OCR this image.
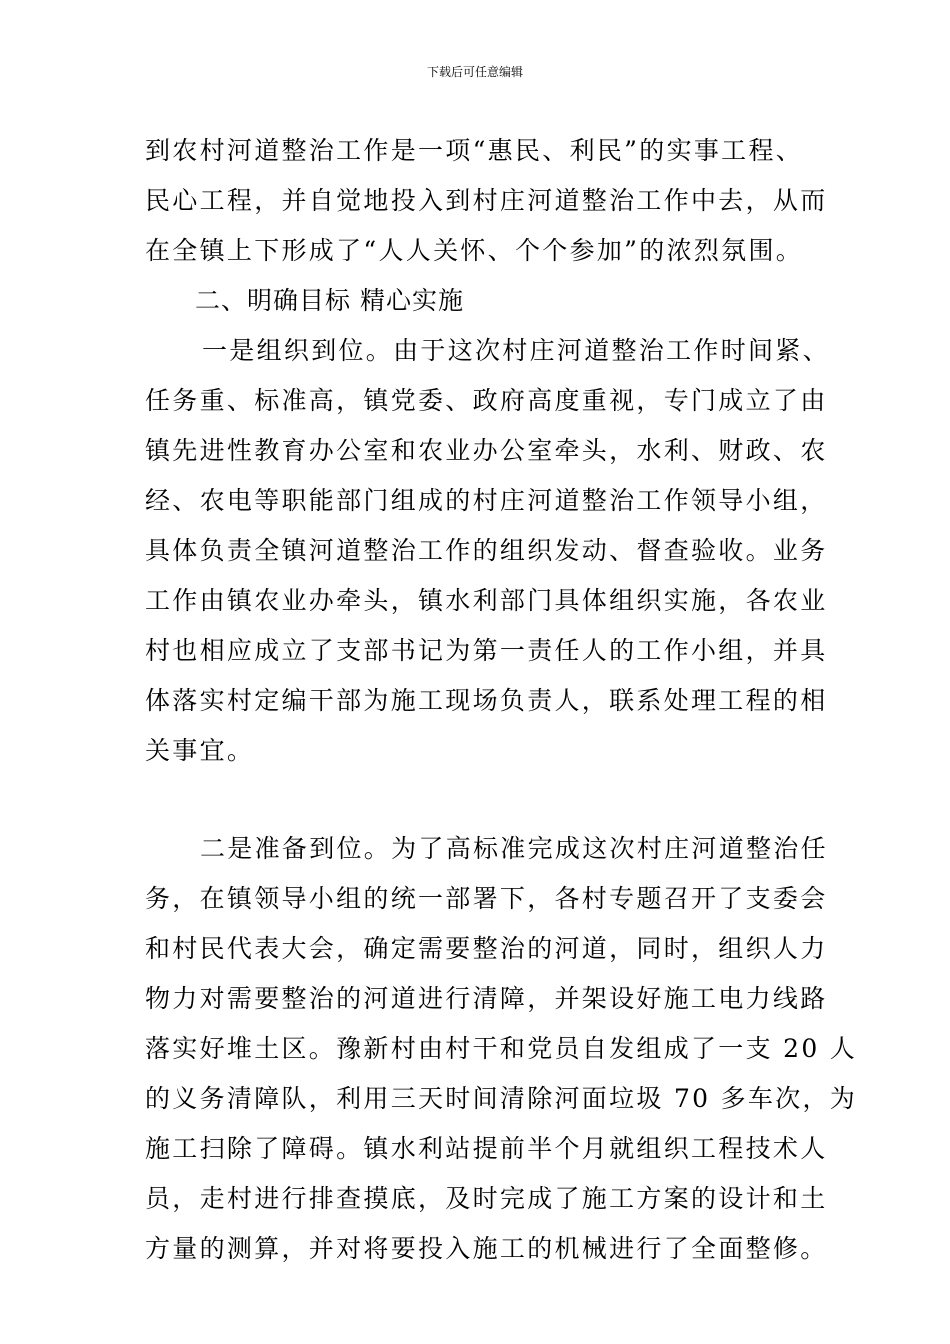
下载后可任意编辑
到农村河道整治工作是一项“惠民、利民”的实事工程、
民心工程，并自觉地投入到村庄河道整治工作中去，从而
在全镇上下形成了“人人关怀、个个参加”的浓烈氛围。
二、明确目标 精心实施
一是组织到位。由于这次村庄河道整治工作时间紧、
任务重、标准高，镇党委、政府高度重视，专门成立了由
镇先进性教育办公室和农业办公室牵头，水利、财政、农
经、农电等职能部门组成的村庄河道整治工作领导小组，
具体负责全镇河道整治工作的组织发动、督查验收。业务
工作由镇农业办牵头，镇水利部门具体组织实施，各农业
村也相应成立了支部书记为第一责任人的工作小组，并具
体落实村定编干部为施工现场负责人，联系处理工程的相
关事宜。
二是准备到位。为了高标准完成这次村庄河道整治任
务，在镇领导小组的统一部署下，各村专题召开了支委会
和村民代表大会，确定需要整治的河道，同时，组织人力
物力对需要整治的河道进行清障，并架设好施工电力线路
落实好堆土区。豫新村由村干和党员自发组成了一支 20 人
的义务清障队，利用三天时间清除河面垃圾 70 多车次，为
施工扫除了障碍。镇水利站提前半个月就组织工程技术人
员，走村进行排查摸底，及时完成了施工方案的设计和土
方量的测算，并对将要投入施工的机械进行了全面整修。
